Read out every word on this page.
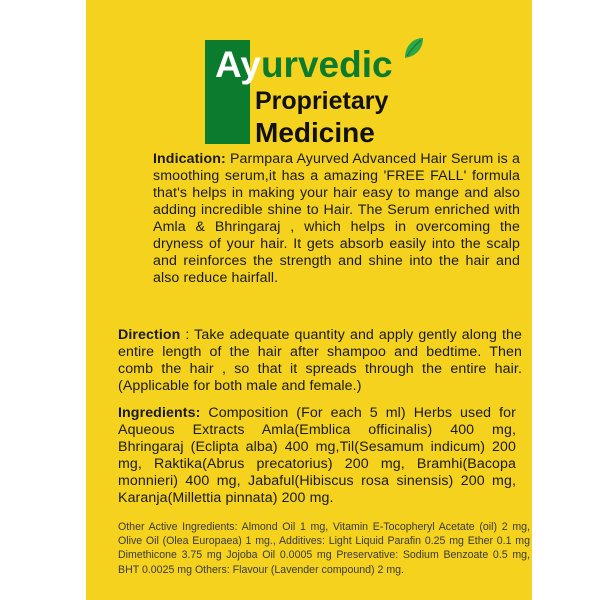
Ayurvedic
Proprietary
Medicine
Indication: Parmpara Ayurved Advanced Hair Serum is a smoothing serum,it has a amazing 'FREE FALL' formula that's helps in making your hair easy to mange and also adding incredible shine to Hair. The Serum enriched with Amla & Bhringaraj , which helps in overcoming the dryness of your hair. It gets absorb easily into the scalp and reinforces the strength and shine into the hair and also reduce hairfall.
Direction : Take adequate quantity and apply gently along the entire length of the hair after shampoo and bedtime. Then comb the hair , so that it spreads through the entire hair. (Applicable for both male and female.)
Ingredients: Composition (For each 5 ml) Herbs used for Aqueous Extracts Amla(Emblica officinalis) 400 mg, Bhringaraj (Eclipta alba) 400 mg,Til(Sesamum indicum) 200 mg, Raktika(Abrus precatorius) 200 mg, Bramhi(Bacopa monnieri) 400 mg, Jabaful(Hibiscus rosa sinensis) 200 mg, Karanja(Millettia pinnata) 200 mg.
Other Active Ingredients: Almond Oil 1 mg, Vitamin E-Tocopheryl Acetate (oil) 2 mg, Olive Oil (Olea Europaea) 1 mg., Additives: Light Liquid Parafin 0.25 mg Ether 0.1 mg Dimethicone 3.75 mg Jojoba Oil 0.0005 mg Preservative: Sodium Benzoate 0.5 mg, BHT 0.0025 mg Others: Flavour (Lavender compound) 2 mg.
